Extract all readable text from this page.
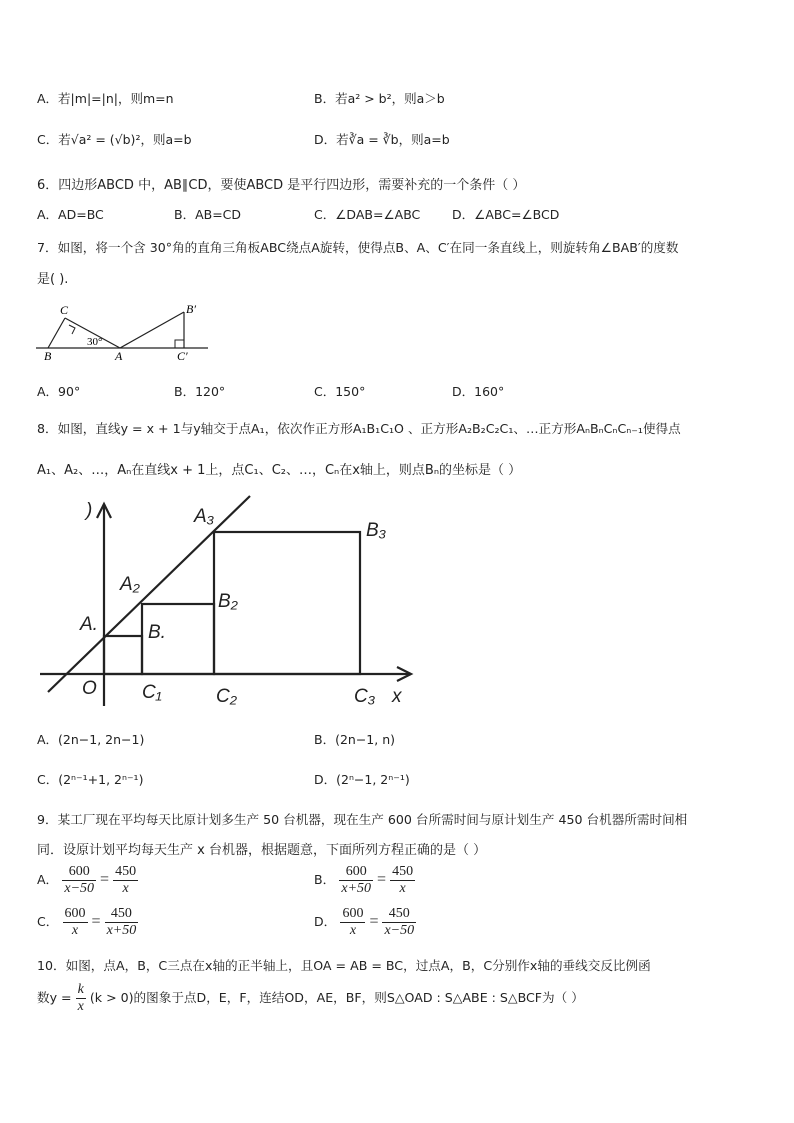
A．若|m|=|n|，则m=n	B．若a² > b²，则a＞b
C．若√a² = (√b)²，则a=b	D．若∛a = ∛b，则a=b
6．四边形ABCD 中，AB∥CD，要使ABCD 是平行四边形，需要补充的一个条件（ ）
A．AD=BC	B．AB=CD	C．∠DAB=∠ABC	D．∠ABC=∠BCD
7．如图，将一个含 30°角的直角三角板ABC绕点A旋转，使得点B、A、C′在同一条直线上，则旋转角∠BAB′的度数
是( ).
C
B	A
30°
B′
C′
A．90°	B．120°	C．150°	D．160°
8．如图，直线y = x + 1与y轴交于点A₁，依次作正方形A₁B₁C₁O 、正方形A₂B₂C₂C₁、…正方形AₙBₙCₙCₙ₋₁使得点
A₁、A₂、…，Aₙ在直线x + 1上，点C₁、C₂、…，Cₙ在x轴上，则点Bₙ的坐标是（ ）
)	A₃
B₃
A₂
B₂
A.	B.
O C₁	C₂	C₃ x
A．(2n−1, 2n−1)	B．(2n−1, n)
C．(2ⁿ⁻¹+1, 2ⁿ⁻¹)	D．(2ⁿ−1, 2ⁿ⁻¹)
9．某工厂现在平均每天比原计划多生产 50 台机器，现在生产 600 台所需时间与原计划生产 450 台机器所需时间相
同．设原计划平均每天生产 x 台机器，根据题意，下面所列方程正确的是（ ）
A． $\frac{600}{x-50} = \frac{450}{x}$	B． $\frac{600}{x+50} = \frac{450}{x}$
C． $\frac{600}{x} = \frac{450}{x+50}$	D． $\frac{600}{x} = \frac{450}{x-50}$
10．如图，点A，B，C三点在x轴的正半轴上，且OA = AB = BC，过点A，B，C分别作x轴的垂线交反比例函
数$y = \frac{k}{x} (k > 0)$的图象于点D，E，F，连结OD，AE，BF，则S△OAD : S△ABE : S△BCF为（ ）
